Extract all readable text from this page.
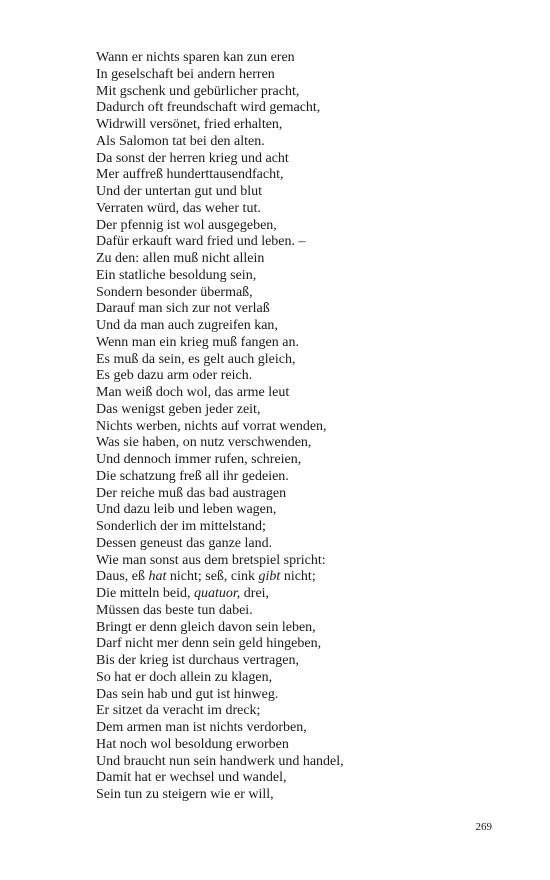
Wann er nichts sparen kan zun eren
In geselschaft bei andern herren
Mit gschenk und gebürlicher pracht,
Dadurch oft freundschaft wird gemacht,
Widrwill versönet, fried erhalten,
Als Salomon tat bei den alten.
Da sonst der herren krieg und acht
Mer auffreß hunderttausendfacht,
Und der untertan gut und blut
Verraten würd, das weher tut.
Der pfennig ist wol ausgegeben,
Dafür erkauft ward fried und leben. –
Zu den: allen muß nicht allein
Ein statliche besoldung sein,
Sondern besonder übermaß,
Darauf man sich zur not verlaß
Und da man auch zugreifen kan,
Wenn man ein krieg muß fangen an.
Es muß da sein, es gelt auch gleich,
Es geb dazu arm oder reich.
Man weiß doch wol, das arme leut
Das wenigst geben jeder zeit,
Nichts werben, nichts auf vorrat wenden,
Was sie haben, on nutz verschwenden,
Und dennoch immer rufen, schreien,
Die schatzung freß all ihr gedeien.
Der reiche muß das bad austragen
Und dazu leib und leben wagen,
Sonderlich der im mittelstand;
Dessen geneust das ganze land.
Wie man sonst aus dem bretspiel spricht:
Daus, eß hat nicht; seß, cink gibt nicht;
Die mitteln beid, quatuor, drei,
Müssen das beste tun dabei.
Bringt er denn gleich davon sein leben,
Darf nicht mer denn sein geld hingeben,
Bis der krieg ist durchaus vertragen,
So hat er doch allein zu klagen,
Das sein hab und gut ist hinweg.
Er sitzet da veracht im dreck;
Dem armen man ist nichts verdorben,
Hat noch wol besoldung erworben
Und braucht nun sein handwerk und handel,
Damit hat er wechsel und wandel,
Sein tun zu steigern wie er will,
269
